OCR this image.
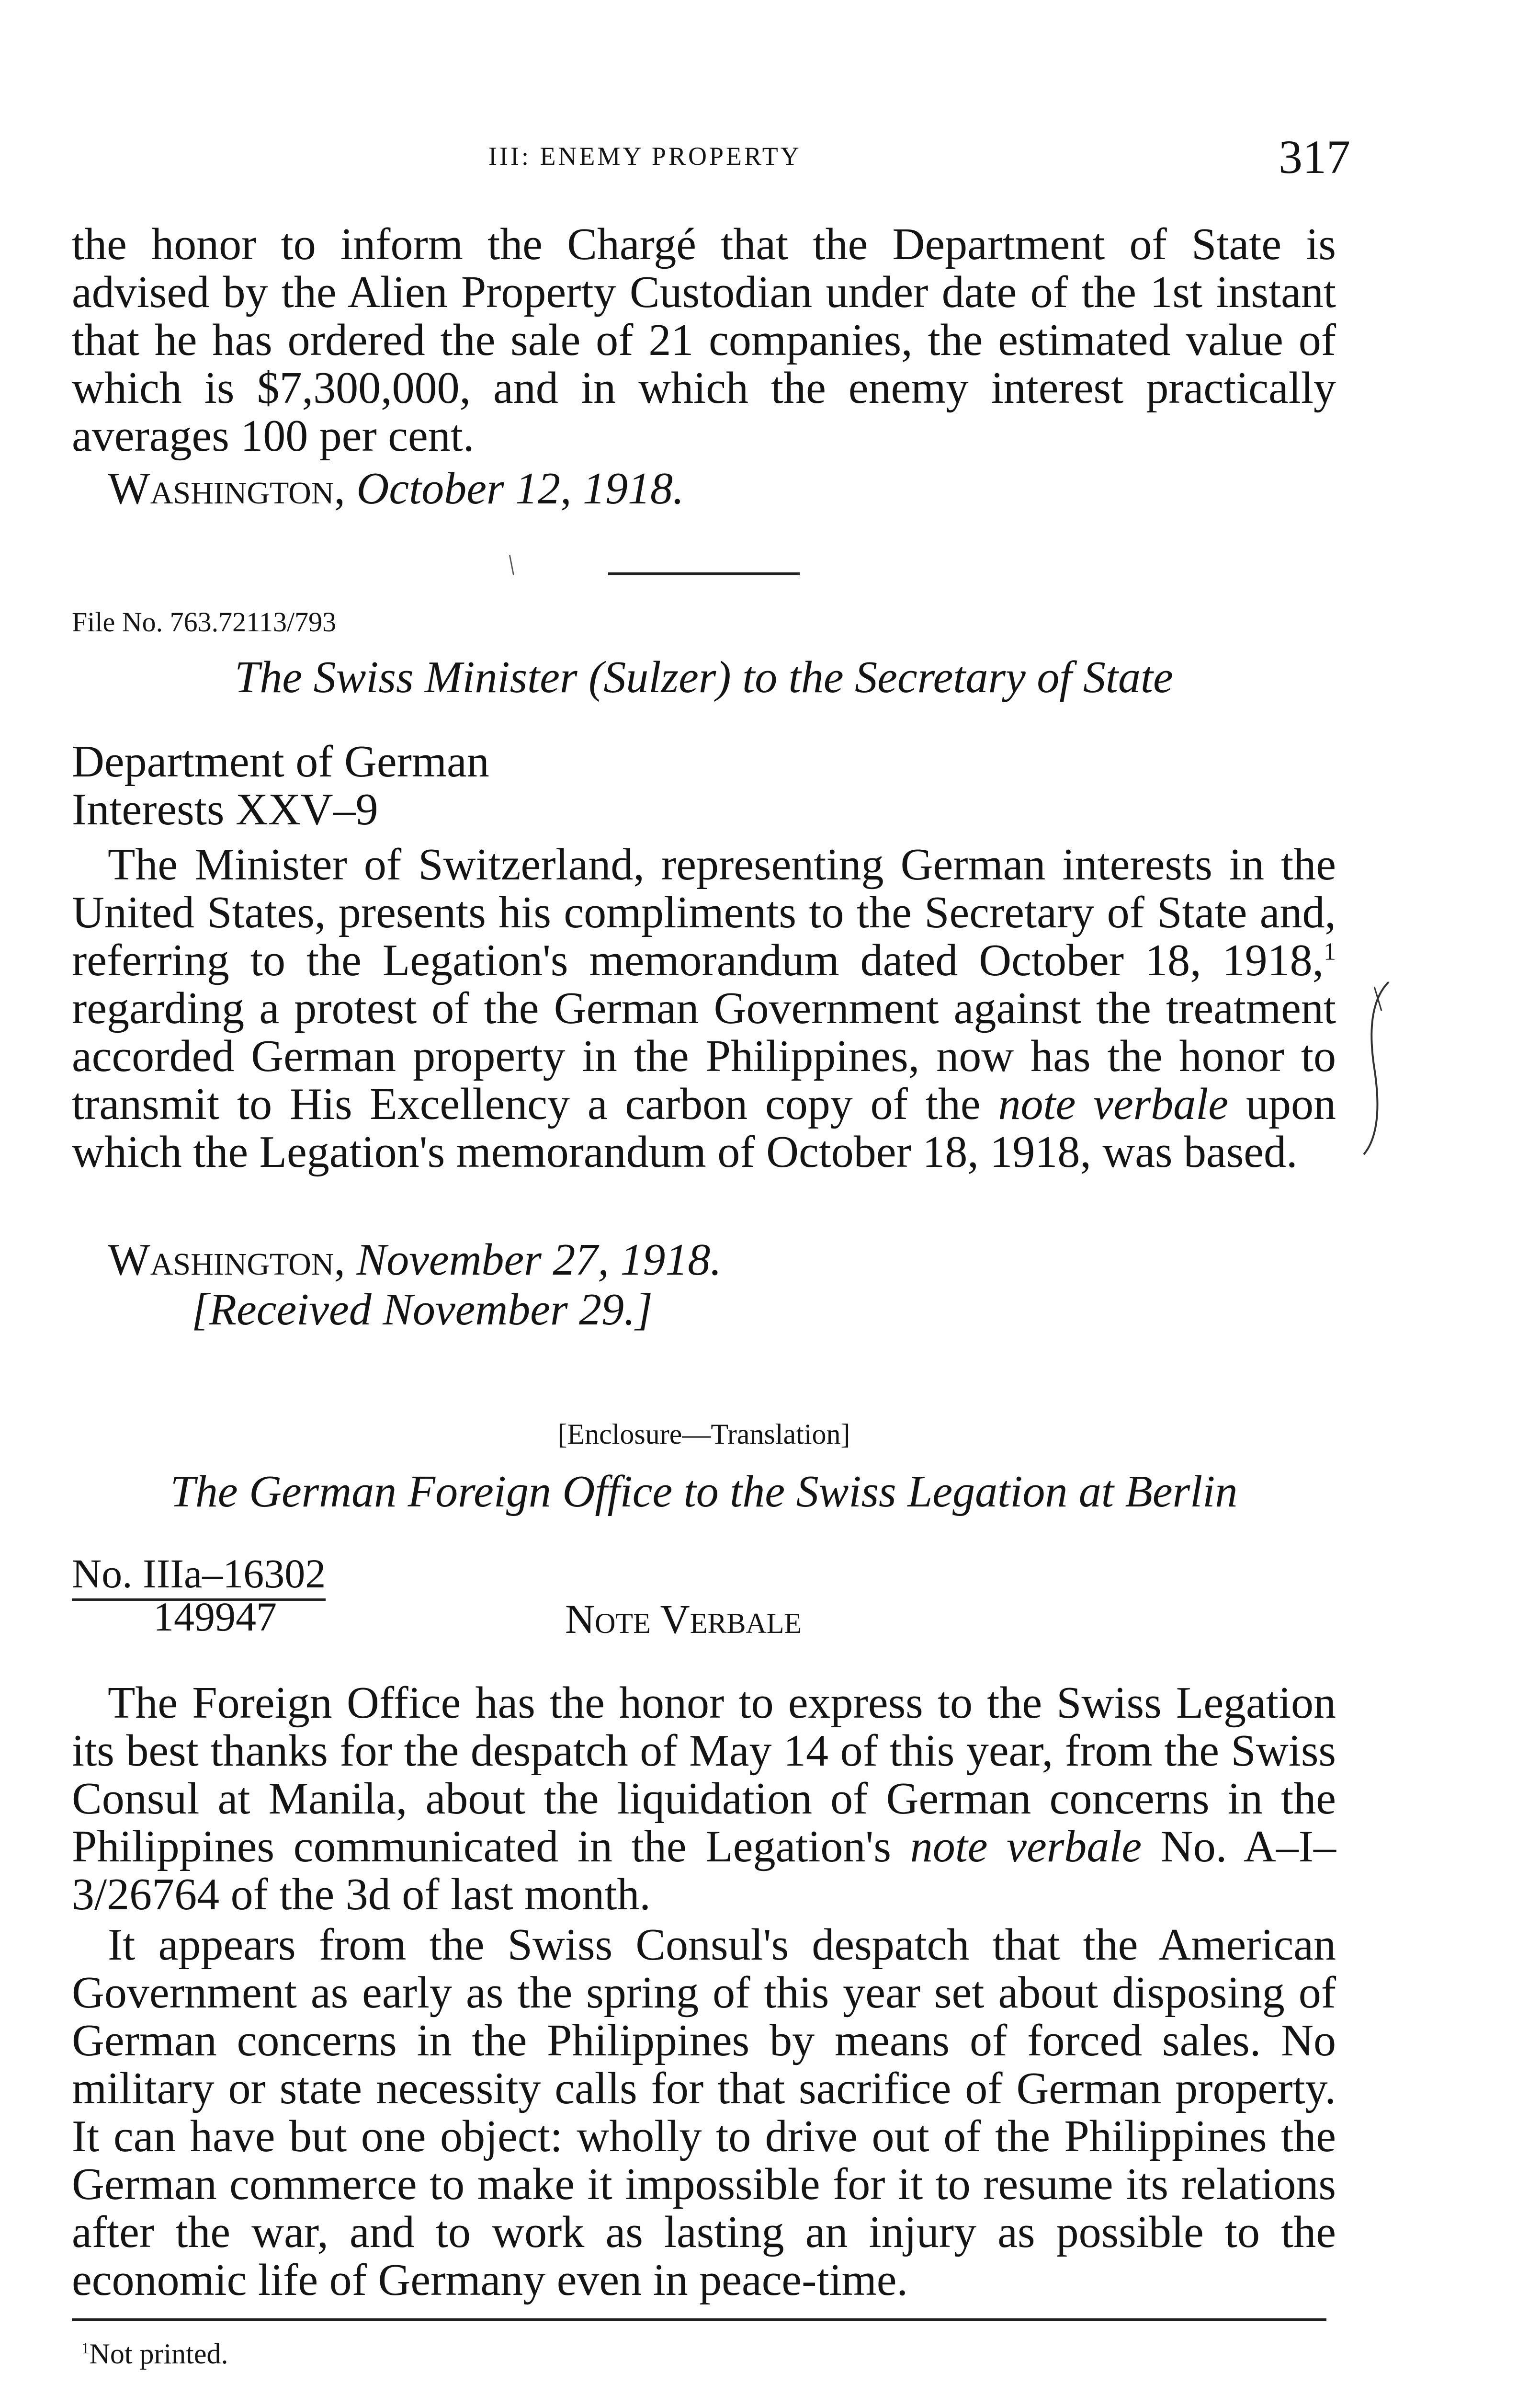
III: ENEMY PROPERTY	317

the honor to inform the Chargé that the Department of State is advised by the Alien Property Custodian under date of the 1st instant that he has ordered the sale of 21 companies, the estimated value of which is $7,300,000, and in which the enemy interest practically averages 100 per cent.

Washington, October 12, 1918.
/
File No. 763.72113/793
The Swiss Minister (Sulzer) to the Secretary of State
Department of German
Interests XXV–9

The Minister of Switzerland, representing German interests in the United States, presents his compliments to the Secretary of State and, referring to the Legation's memorandum dated October 18, 1918,$^1$ regarding a protest of the German Government against the treatment accorded German property in the Philippines, now has the honor to transmit to His Excellency a carbon copy of the note verbale upon which the Legation's memorandum of October 18, 1918, was based.

Washington, November 27, 1918.
[Received November 29.]
[Enclosure—Translation]
The German Foreign Office to the Swiss Legation at Berlin
No. IIIa–16302
149947	Note Verbale

The Foreign Office has the honor to express to the Swiss Legation its best thanks for the despatch of May 14 of this year, from the Swiss Consul at Manila, about the liquidation of German concerns in the Philippines communicated in the Legation's note verbale No. A–I–3/26764 of the 3d of last month.

It appears from the Swiss Consul's despatch that the American Government as early as the spring of this year set about disposing of German concerns in the Philippines by means of forced sales. No military or state necessity calls for that sacrifice of German property. It can have but one object: wholly to drive out of the Philippines the German commerce to make it impossible for it to resume its relations after the war, and to work as lasting an injury as possible to the economic life of Germany even in peace-time.

$^1$Not printed.
